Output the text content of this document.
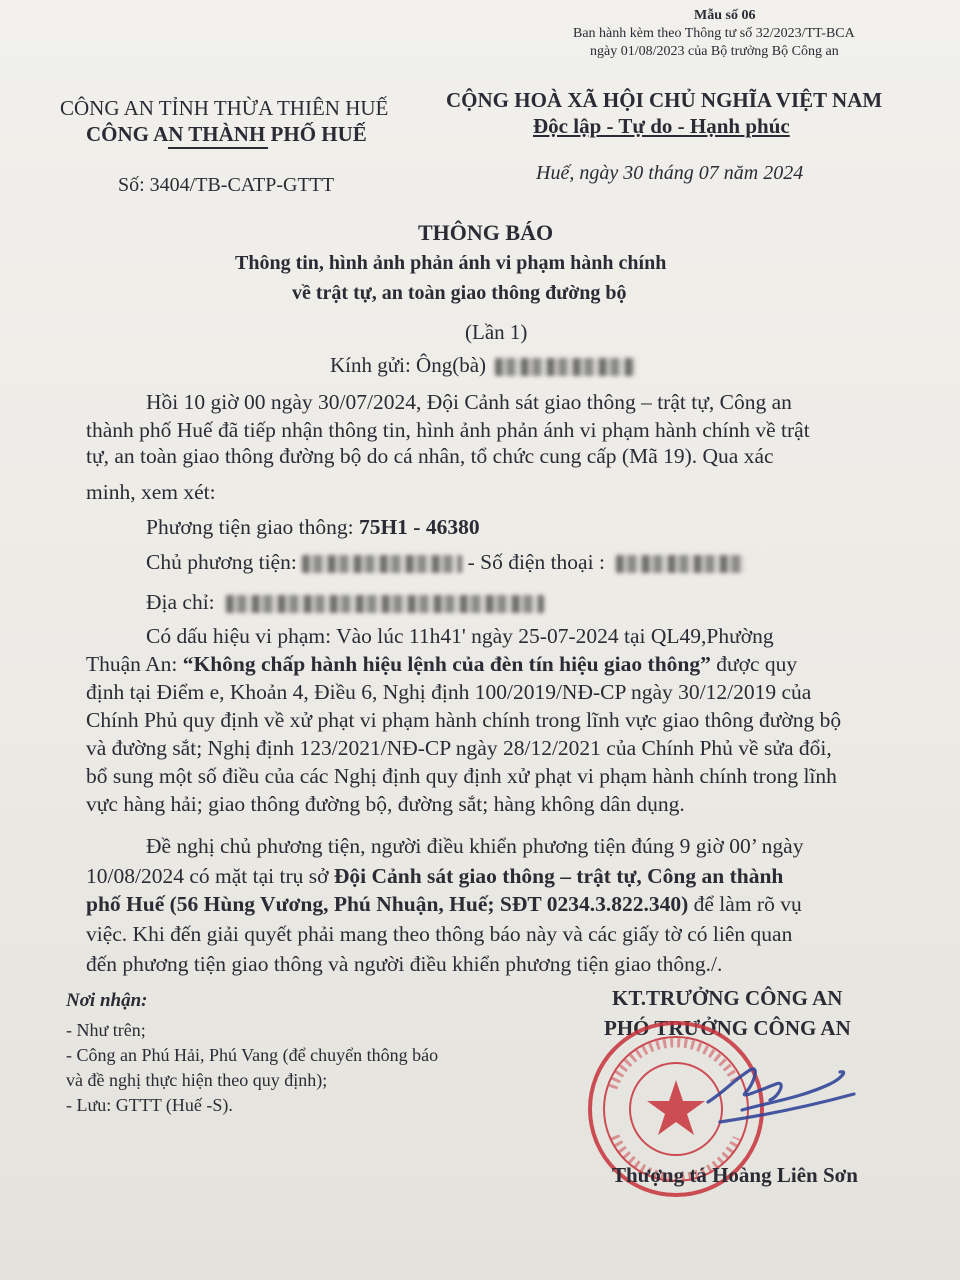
Mẫu số 06
Ban hành kèm theo Thông tư số 32/2023/TT-BCA
ngày 01/08/2023 của Bộ trưởng Bộ Công an
CÔNG AN TỈNH THỪA THIÊN HUẾ
CÔNG AN THÀNH PHỐ HUẾ
Số: 3404/TB-CATP-GTTT
CỘNG HOÀ XÃ HỘI CHỦ NGHĨA VIỆT NAM
Độc lập - Tự do - Hạnh phúc
Huế, ngày 30 tháng 07 năm 2024
THÔNG BÁO
Thông tin, hình ảnh phản ánh vi phạm hành chính
về trật tự, an toàn giao thông đường bộ
(Lần 1)
Kính gửi: Ông(bà)
Hồi 10 giờ 00 ngày 30/07/2024, Đội Cảnh sát giao thông – trật tự, Công an
thành phố Huế đã tiếp nhận thông tin, hình ảnh phản ánh vi phạm hành chính về trật
tự, an toàn giao thông đường bộ do cá nhân, tổ chức cung cấp (Mã 19). Qua xác
minh, xem xét:
Phương tiện giao thông: 75H1 - 46380
Chủ phương tiện:	- Số điện thoại :
Địa chỉ:
Có dấu hiệu vi phạm: Vào lúc 11h41' ngày 25-07-2024 tại QL49,Phường
Thuận An: “Không chấp hành hiệu lệnh của đèn tín hiệu giao thông” được quy
định tại Điểm e, Khoản 4, Điều 6, Nghị định 100/2019/NĐ-CP ngày 30/12/2019 của
Chính Phủ quy định về xử phạt vi phạm hành chính trong lĩnh vực giao thông đường bộ
và đường sắt; Nghị định 123/2021/NĐ-CP ngày 28/12/2021 của Chính Phủ về sửa đổi,
bổ sung một số điều của các Nghị định quy định xử phạt vi phạm hành chính trong lĩnh
vực hàng hải; giao thông đường bộ, đường sắt; hàng không dân dụng.
Đề nghị chủ phương tiện, người điều khiển phương tiện đúng 9 giờ 00’ ngày
10/08/2024 có mặt tại trụ sở Đội Cảnh sát giao thông – trật tự, Công an thành
phố Huế (56 Hùng Vương, Phú Nhuận, Huế; SĐT 0234.3.822.340) để làm rõ vụ
việc. Khi đến giải quyết phải mang theo thông báo này và các giấy tờ có liên quan
đến phương tiện giao thông và người điều khiển phương tiện giao thông./.
Nơi nhận:
- Như trên;
- Công an Phú Hải, Phú Vang (để chuyển thông báo
và đề nghị thực hiện theo quy định);
- Lưu: GTTT (Huế -S).
KT.TRƯỞNG CÔNG AN
PHÓ TRƯỞNG CÔNG AN
Thượng tá Hoàng Liên Sơn
